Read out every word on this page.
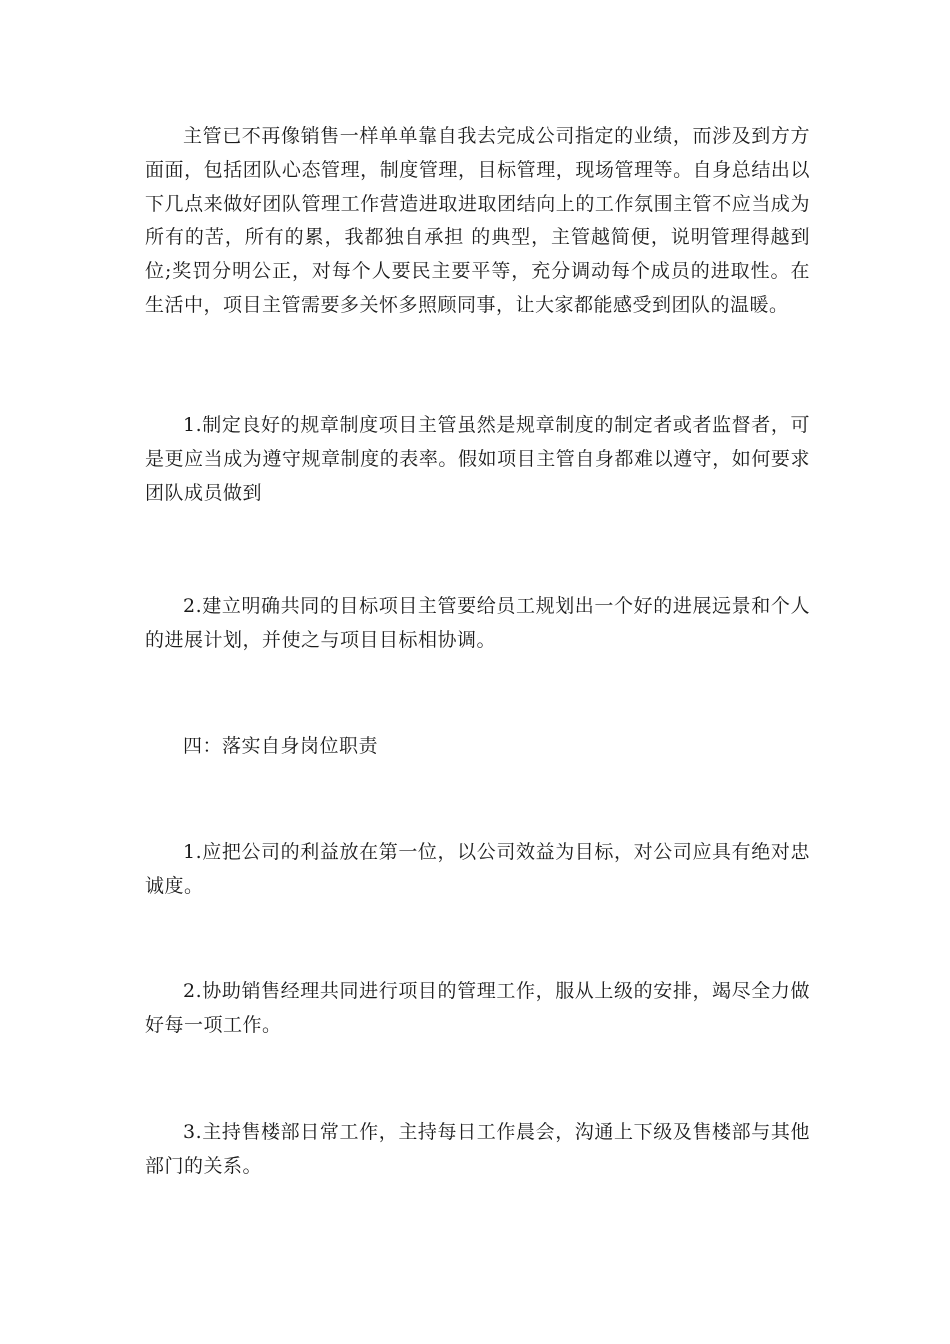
主管已不再像销售一样单单靠自我去完成公司指定的业绩，而涉及到方方面面，包括团队心态管理，制度管理，目标管理，现场管理等。自身总结出以下几点来做好团队管理工作营造进取进取团结向上的工作氛围主管不应当成为 所有的苦，所有的累，我都独自承担 的典型，主管越简便，说明管理得越到位;奖罚分明公正，对每个人要民主要平等，充分调动每个成员的进取性。在生活中，项目主管需要多关怀多照顾同事，让大家都能感受到团队的温暖。

1.制定良好的规章制度项目主管虽然是规章制度的制定者或者监督者，可是更应当成为遵守规章制度的表率。假如项目主管自身都难以遵守，如何要求团队成员做到

2.建立明确共同的目标项目主管要给员工规划出一个好的进展远景和个人的进展计划，并使之与项目目标相协调。

四：落实自身岗位职责

1.应把公司的利益放在第一位，以公司效益为目标，对公司应具有绝对忠诚度。

2.协助销售经理共同进行项目的管理工作，服从上级的安排，竭尽全力做好每一项工作。

3.主持售楼部日常工作，主持每日工作晨会，沟通上下级及售楼部与其他部门的关系。
